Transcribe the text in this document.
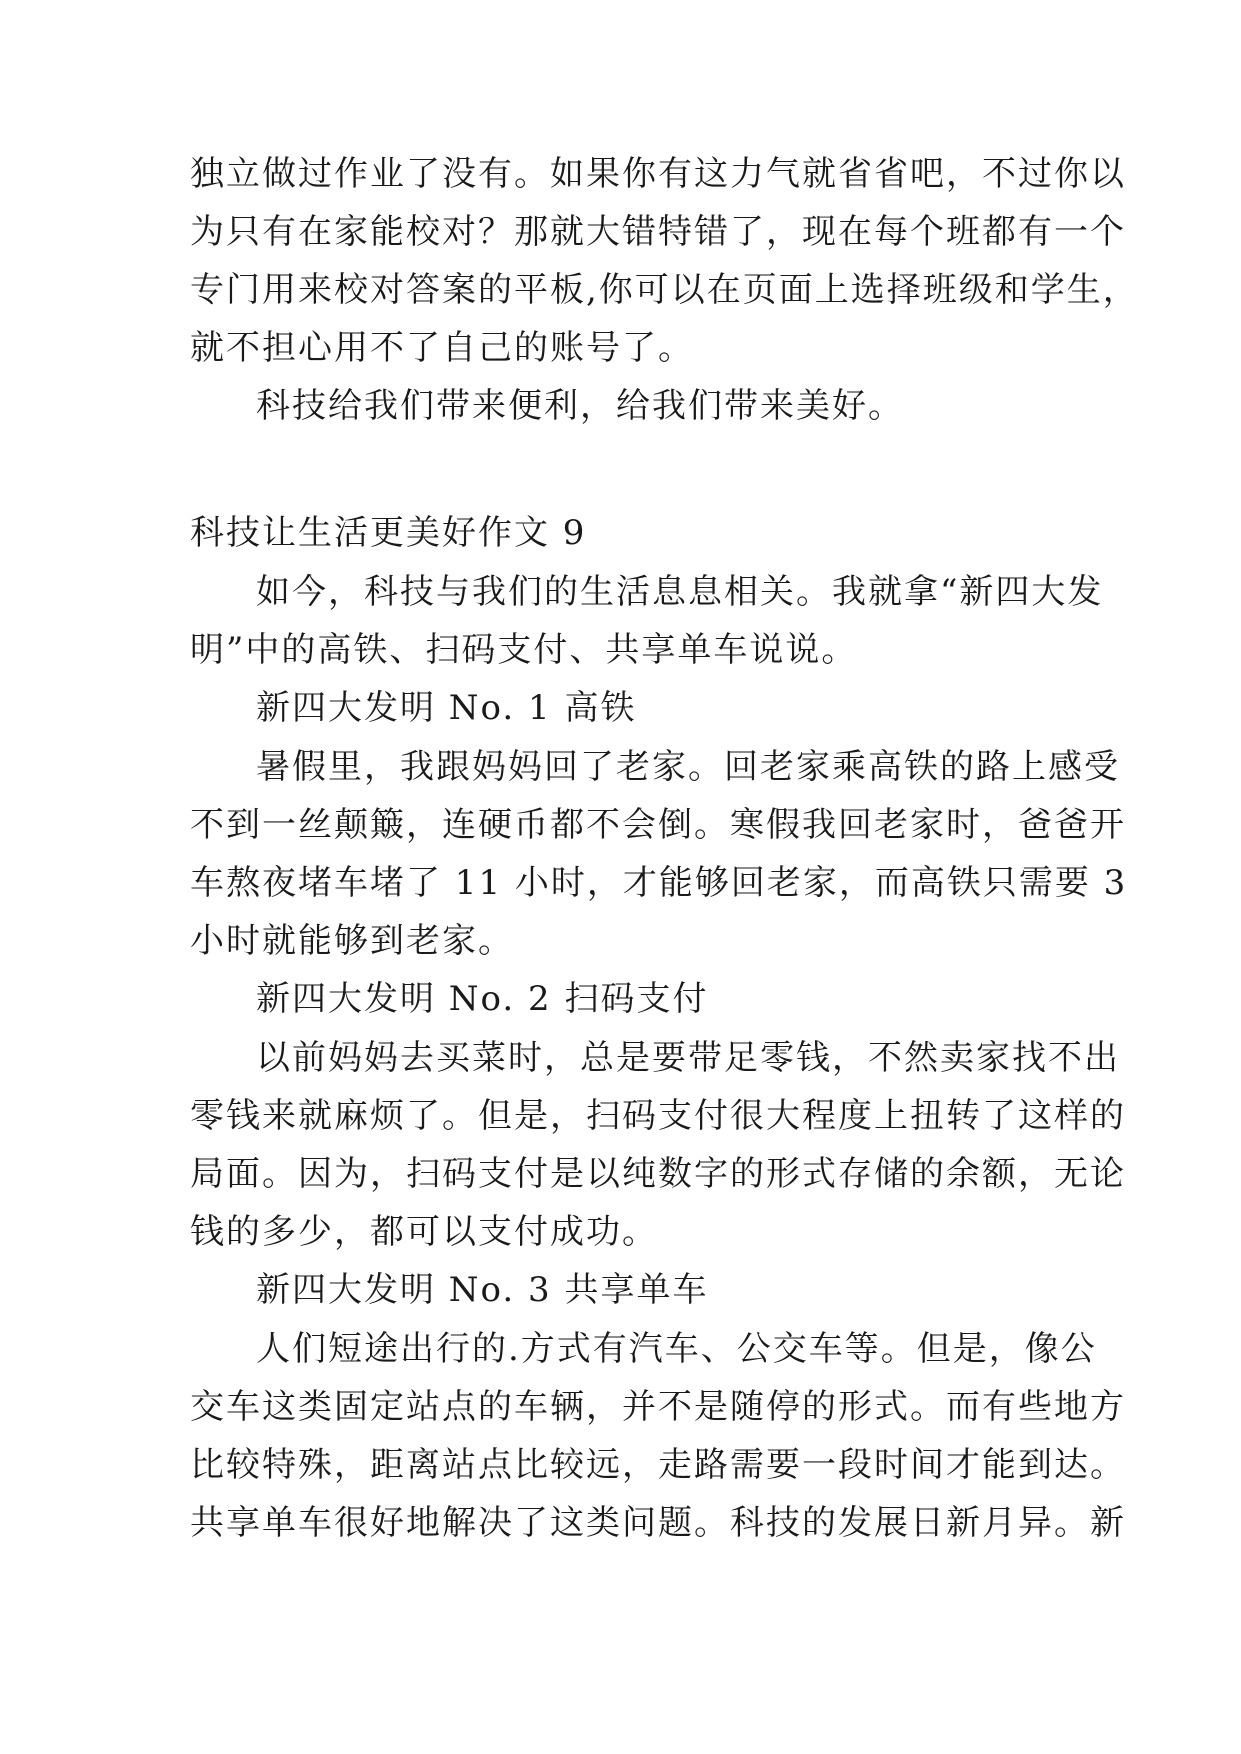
独立做过作业了没有。如果你有这力气就省省吧，不过你以
为只有在家能校对？那就大错特错了，现在每个班都有一个
专门用来校对答案的平板,你可以在页面上选择班级和学生，
就不担心用不了自己的账号了。
科技给我们带来便利，给我们带来美好。
科技让生活更美好作文 9
如今，科技与我们的生活息息相关。我就拿“新四大发
明”中的高铁、扫码支付、共享单车说说。
新四大发明 No. 1 高铁
暑假里，我跟妈妈回了老家。回老家乘高铁的路上感受
不到一丝颠簸，连硬币都不会倒。寒假我回老家时，爸爸开
车熬夜堵车堵了 11 小时，才能够回老家，而高铁只需要 3
小时就能够到老家。
新四大发明 No. 2 扫码支付
以前妈妈去买菜时，总是要带足零钱，不然卖家找不出
零钱来就麻烦了。但是，扫码支付很大程度上扭转了这样的
局面。因为，扫码支付是以纯数字的形式存储的余额，无论
钱的多少，都可以支付成功。
新四大发明 No. 3 共享单车
人们短途出行的.方式有汽车、公交车等。但是，像公
交车这类固定站点的车辆，并不是随停的形式。而有些地方
比较特殊，距离站点比较远，走路需要一段时间才能到达。
共享单车很好地解决了这类问题。科技的发展日新月异。新
